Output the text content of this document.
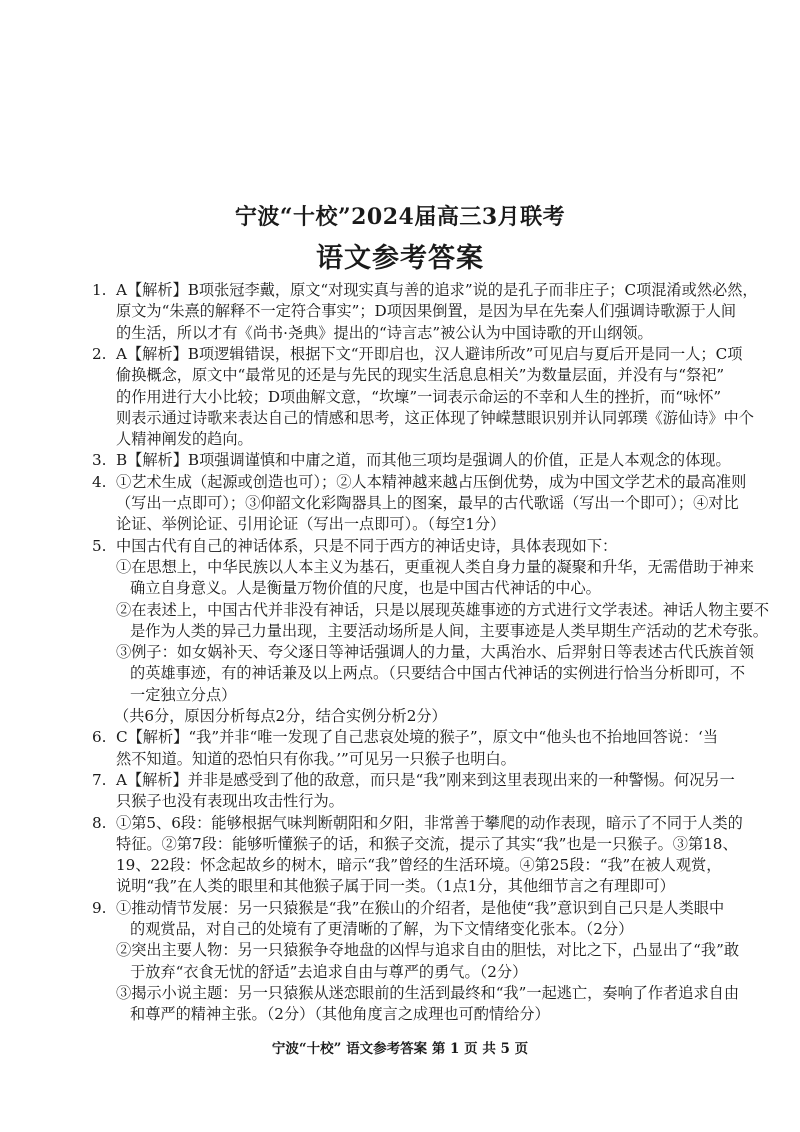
宁波“十校”2024届高三3月联考
语文参考答案
1. A【解析】B项张冠李戴，原文“对现实真与善的追求”说的是孔子而非庄子；C项混淆或然必然，
原文为“朱熹的解释不一定符合事实”；D项因果倒置，是因为早在先秦人们强调诗歌源于人间
的生活，所以才有《尚书·尧典》提出的“诗言志”被公认为中国诗歌的开山纲领。
2. A【解析】B项逻辑错误，根据下文“开即启也，汉人避讳所改”可见启与夏后开是同一人；C项
偷换概念，原文中“最常见的还是与先民的现实生活息息相关”为数量层面，并没有与“祭祀”
的作用进行大小比较；D项曲解文意，“坎壈”一词表示命运的不幸和人生的挫折，而“咏怀”
则表示通过诗歌来表达自己的情感和思考，这正体现了钟嵘慧眼识别并认同郭璞《游仙诗》中个
人精神阐发的趋向。
3. B【解析】B项强调谨慎和中庸之道，而其他三项均是强调人的价值，正是人本观念的体现。
4. ①艺术生成（起源或创造也可）；②人本精神越来越占压倒优势，成为中国文学艺术的最高准则
（写出一点即可）；③仰韶文化彩陶器具上的图案，最早的古代歌谣（写出一个即可）；④对比
论证、举例论证、引用论证（写出一点即可）。（每空1分）
5. 中国古代有自己的神话体系，只是不同于西方的神话史诗，具体表现如下：
①在思想上，中华民族以人本主义为基石，更重视人类自身力量的凝聚和升华，无需借助于神来
确立自身意义。人是衡量万物价值的尺度，也是中国古代神话的中心。
②在表述上，中国古代并非没有神话，只是以展现英雄事迹的方式进行文学表述。神话人物主要不
是作为人类的异己力量出现，主要活动场所是人间，主要事迹是人类早期生产活动的艺术夸张。
③例子：如女娲补天、夸父逐日等神话强调人的力量，大禹治水、后羿射日等表述古代氏族首领
的英雄事迹，有的神话兼及以上两点。（只要结合中国古代神话的实例进行恰当分析即可，不
一定独立分点）
（共6分，原因分析每点2分，结合实例分析2分）
6. C【解析】“我”并非“唯一发现了自己悲哀处境的猴子”，原文中“他头也不抬地回答说：‘当
然不知道。知道的恐怕只有你我。’”可见另一只猴子也明白。
7. A【解析】并非是感受到了他的敌意，而只是“我”刚来到这里表现出来的一种警惕。何况另一
只猴子也没有表现出攻击性行为。
8. ①第5、6段：能够根据气味判断朝阳和夕阳，非常善于攀爬的动作表现，暗示了不同于人类的
特征。②第7段：能够听懂猴子的话，和猴子交流，提示了其实“我”也是一只猴子。③第18、
19、22段：怀念起故乡的树木，暗示“我”曾经的生活环境。④第25段：“我”在被人观赏，
说明“我”在人类的眼里和其他猴子属于同一类。（1点1分，其他细节言之有理即可）
9. ①推动情节发展：另一只猿猴是“我”在猴山的介绍者，是他使“我”意识到自己只是人类眼中
的观赏品，对自己的处境有了更清晰的了解，为下文情绪变化张本。（2分）
②突出主要人物：另一只猿猴争夺地盘的凶悍与追求自由的胆怯，对比之下，凸显出了“我”敢
于放弃“衣食无忧的舒适”去追求自由与尊严的勇气。（2分）
③揭示小说主题：另一只猿猴从迷恋眼前的生活到最终和“我”一起逃亡，奏响了作者追求自由
和尊严的精神主张。（2分）（其他角度言之成理也可酌情给分）
宁波“十校” 语文参考答案 第 1 页 共 5 页
